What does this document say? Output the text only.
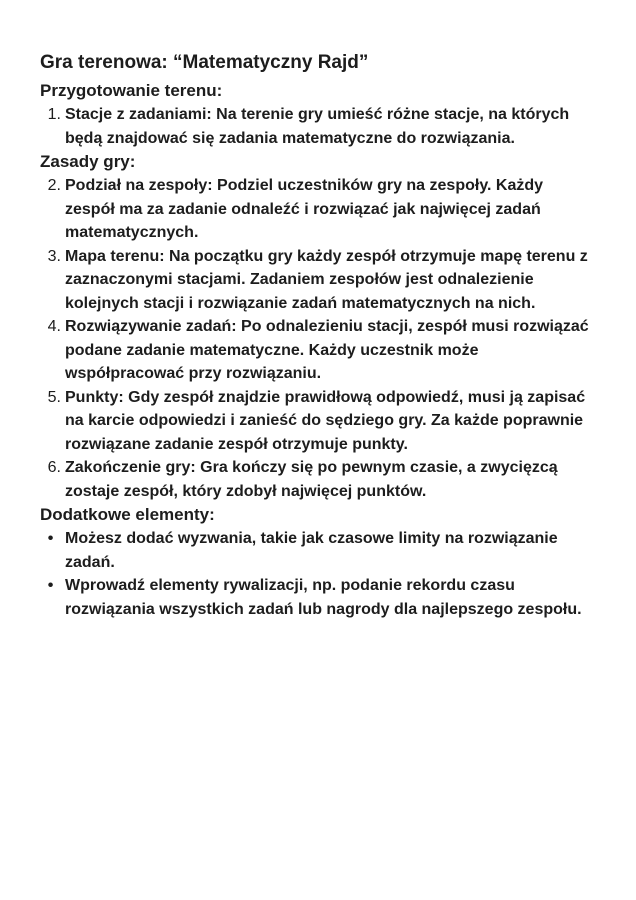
Gra terenowa: “Matematyczny Rajd”
Przygotowanie terenu:
1. Stacje z zadaniami: Na terenie gry umieść różne stacje, na których będą znajdować się zadania matematyczne do rozwiązania.
Zasady gry:
2. Podział na zespoły: Podziel uczestników gry na zespoły. Każdy zespół ma za zadanie odnaleźć i rozwiązać jak najwięcej zadań matematycznych.
3. Mapa terenu: Na początku gry każdy zespół otrzymuje mapę terenu z zaznaczonymi stacjami. Zadaniem zespołów jest odnalezienie kolejnych stacji i rozwiązanie zadań matematycznych na nich.
4. Rozwiązywanie zadań: Po odnalezieniu stacji, zespół musi rozwiązać podane zadanie matematyczne. Każdy uczestnik może współpracować przy rozwiązaniu.
5. Punkty: Gdy zespół znajdzie prawidłową odpowiedź, musi ją zapisać na karcie odpowiedzi i zanieść do sędziego gry. Za każde poprawnie rozwiązane zadanie zespół otrzymuje punkty.
6. Zakończenie gry: Gra kończy się po pewnym czasie, a zwycięzcą zostaje zespół, który zdobył najwięcej punktów.
Dodatkowe elementy:
• Możesz dodać wyzwania, takie jak czasowe limity na rozwiązanie zadań.
• Wprowadź elementy rywalizacji, np. podanie rekordu czasu rozwiązania wszystkich zadań lub nagrody dla najlepszego zespołu.
